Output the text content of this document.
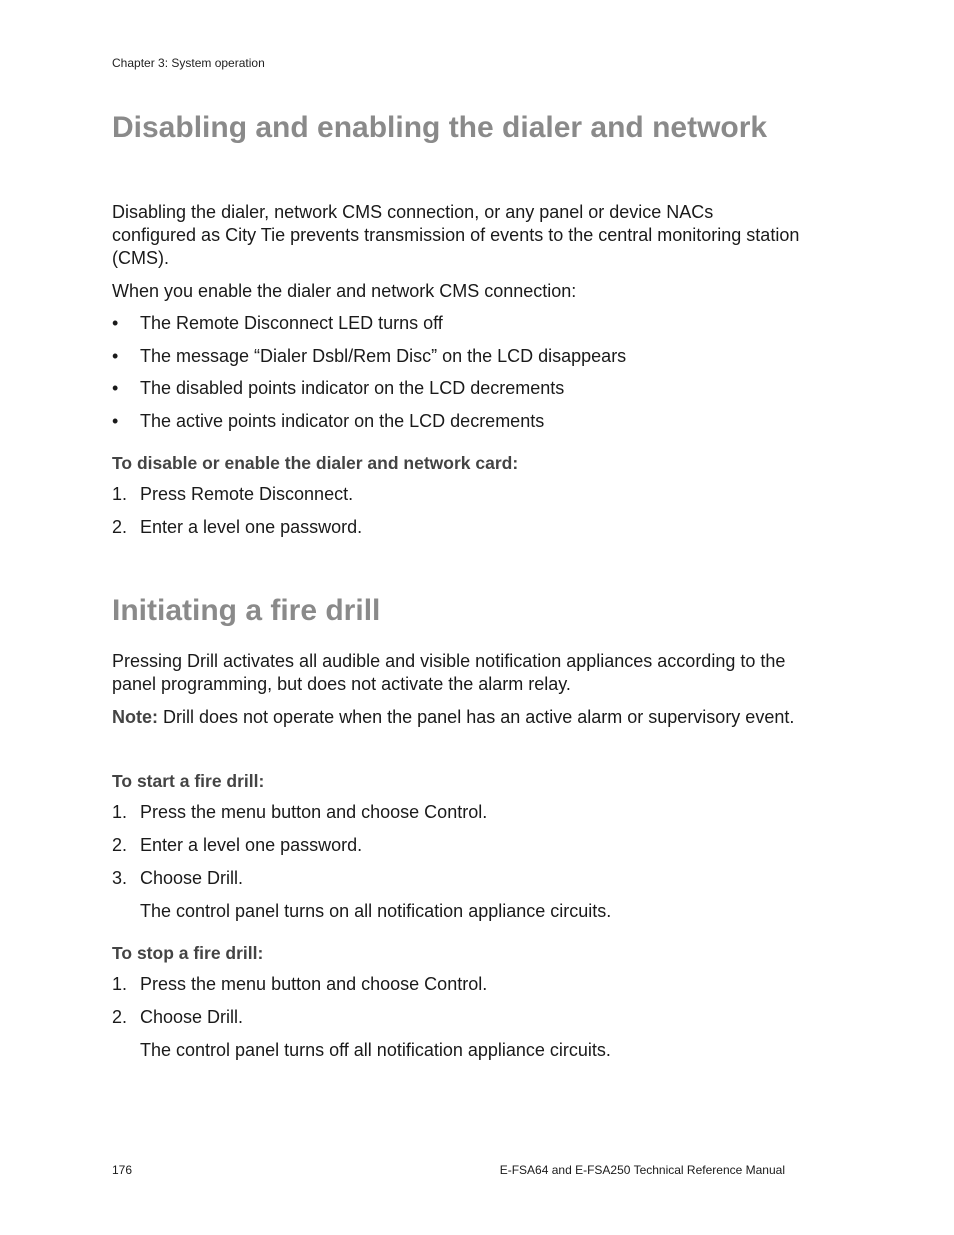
Chapter 3: System operation
Disabling and enabling the dialer and network
Disabling the dialer, network CMS connection, or any panel or device NACs configured as City Tie prevents transmission of events to the central monitoring station (CMS).
When you enable the dialer and network CMS connection:
• The Remote Disconnect LED turns off
• The message “Dialer Dsbl/Rem Disc” on the LCD disappears
• The disabled points indicator on the LCD decrements
• The active points indicator on the LCD decrements
To disable or enable the dialer and network card:
1. Press Remote Disconnect.
2. Enter a level one password.
Initiating a fire drill
Pressing Drill activates all audible and visible notification appliances according to the panel programming, but does not activate the alarm relay.
Note: Drill does not operate when the panel has an active alarm or supervisory event.
To start a fire drill:
1. Press the menu button and choose Control.
2. Enter a level one password.
3. Choose Drill.
The control panel turns on all notification appliance circuits.
To stop a fire drill:
1. Press the menu button and choose Control.
2. Choose Drill.
The control panel turns off all notification appliance circuits.
176	E-FSA64 and E-FSA250 Technical Reference Manual
